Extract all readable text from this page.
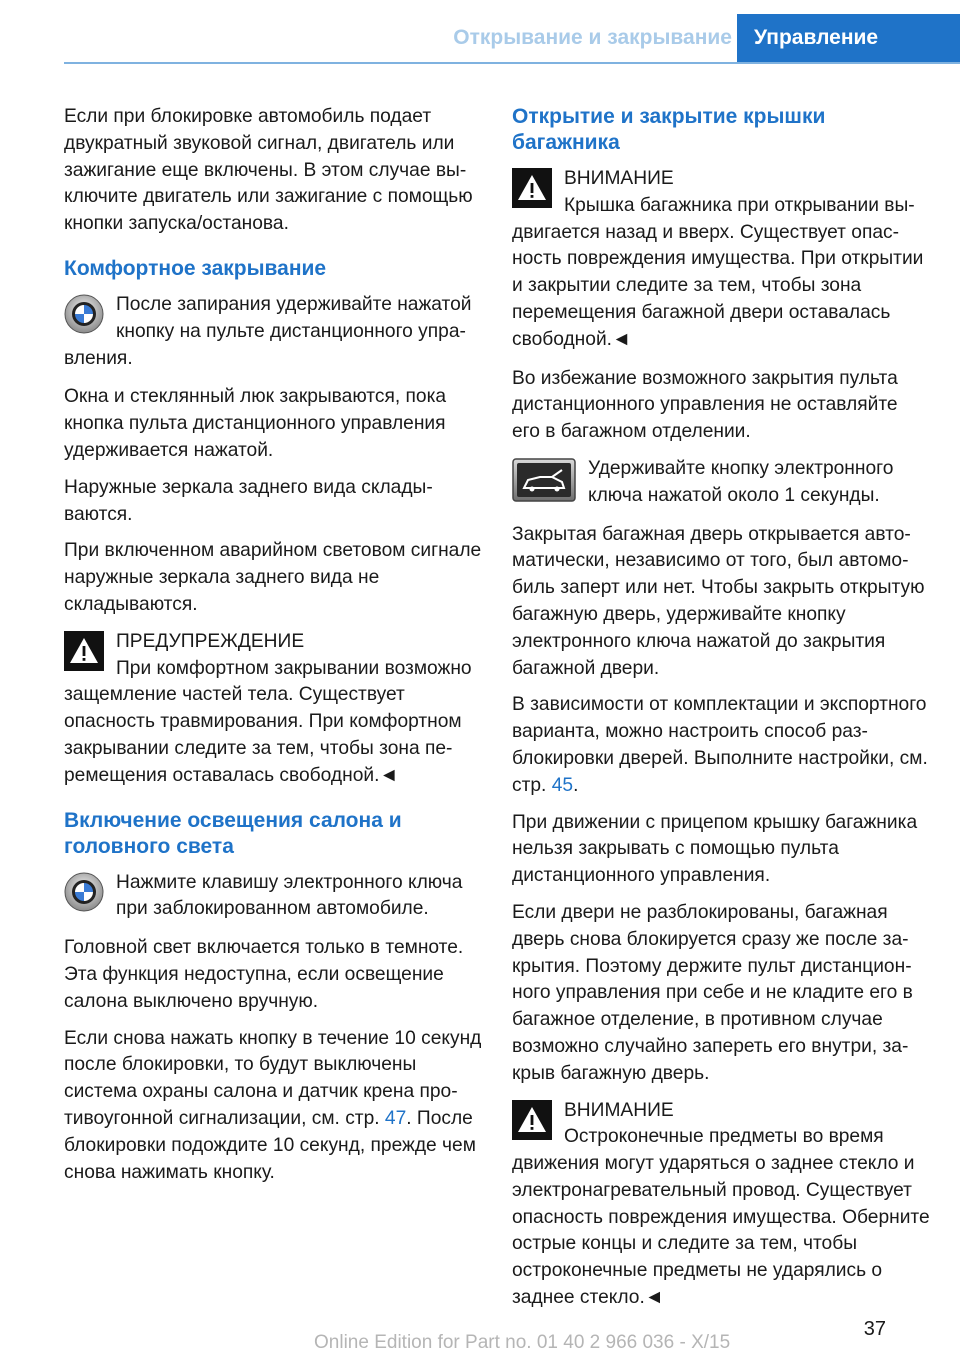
Открывание и закрывание Управление

Если при блокировке автомобиль подает двукратный звуковой сигнал, двигатель или зажигание еще включены. В этом случае выключите двигатель или зажигание с помощью кнопки запуска/останова.

Комфортное закрывание
После запирания удерживайте нажатой кнопку на пульте дистанционного управления.

Окна и стеклянный люк закрываются, пока кнопка пульта дистанционного управления удерживается нажатой.

Наружные зеркала заднего вида складываются.

При включенном аварийном световом сигнале наружные зеркала заднего вида не складываются.

ПРЕДУПРЕЖДЕНИЕ
При комфортном закрывании возможно защемление частей тела. Существует опасность травмирования. При комфортном закрывании следите за тем, чтобы зона перемещения оставалась свободной.◄
Включение освещения салона и головного света
Нажмите клавишу электронного ключа при заблокированном автомобиле.

Головной свет включается только в темноте. Эта функция недоступна, если освещение салона выключено вручную.

Если снова нажать кнопку в течение 10 секунд после блокировки, то будут выключены система охраны салона и датчик крена противоугонной сигнализации, см. стр. 47. После блокировки подождите 10 секунд, прежде чем снова нажимать кнопку.

Открытие и закрытие крышки багажника
ВНИМАНИЕ
Крышка багажника при открывании выдвигается назад и вверх. Существует опасность повреждения имущества. При открытии и закрытии следите за тем, чтобы зона перемещения багажной двери оставалась свободной.◄

Во избежание возможного закрытия пульта дистанционного управления не оставляйте его в багажном отделении.

Удерживайте кнопку электронного ключа нажатой около 1 секунды.

Закрытая багажная дверь открывается автоматически, независимо от того, был автомобиль заперт или нет. Чтобы закрыть открытую багажную дверь, удерживайте кнопку электронного ключа нажатой до закрытия багажной двери.

В зависимости от комплектации и экспортного варианта, можно настроить способ разблокировки дверей. Выполните настройки, см. стр. 45.

При движении с прицепом крышку багажника нельзя закрывать с помощью пульта дистанционного управления.

Если двери не разблокированы, багажная дверь снова блокируется сразу же после закрытия. Поэтому держите пульт дистанционного управления при себе и не кладите его в багажное отделение, в противном случае возможно случайно запереть его внутри, закрыв багажную дверь.

ВНИМАНИЕ
Остроконечные предметы во время движения могут ударяться о заднее стекло и электронагревательный провод. Существует опасность повреждения имущества. Оберните острые концы и следите за тем, чтобы остроконечные предметы не ударялись о заднее стекло.◄
37
Online Edition for Part no. 01 40 2 966 036 - X/15
